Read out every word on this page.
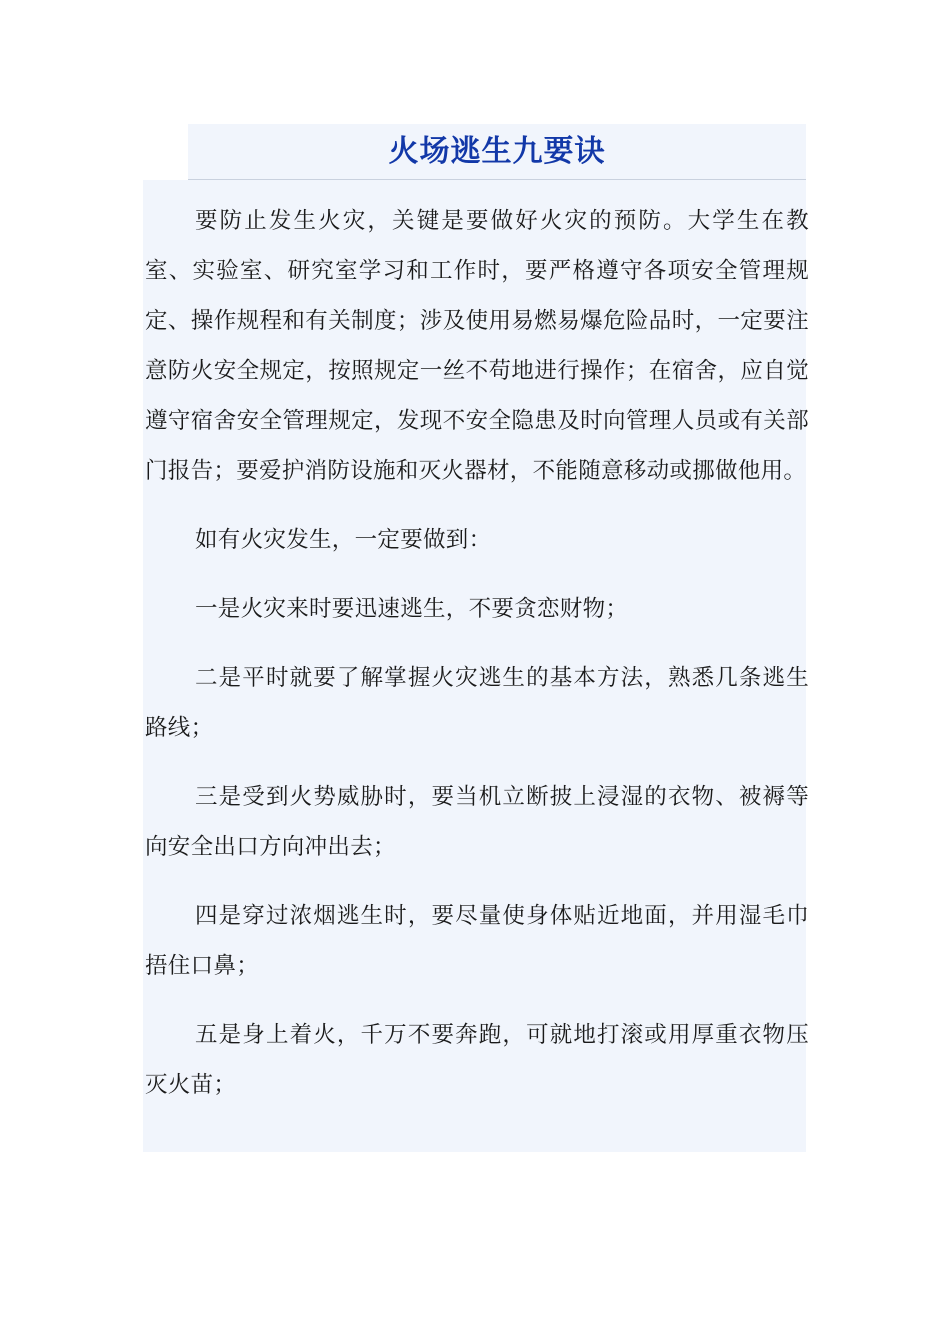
火场逃生九要诀

要防止发生火灾，关键是要做好火灾的预防。大学生在教室、实验室、研究室学习和工作时，要严格遵守各项安全管理规定、操作规程和有关制度；涉及使用易燃易爆危险品时，一定要注意防火安全规定，按照规定一丝不苟地进行操作；在宿舍，应自觉遵守宿舍安全管理规定，发现不安全隐患及时向管理人员或有关部门报告；要爱护消防设施和灭火器材，不能随意移动或挪做他用。

如有火灾发生，一定要做到：

一是火灾来时要迅速逃生，不要贪恋财物；

二是平时就要了解掌握火灾逃生的基本方法，熟悉几条逃生路线；

三是受到火势威胁时，要当机立断披上浸湿的衣物、被褥等向安全出口方向冲出去；

四是穿过浓烟逃生时，要尽量使身体贴近地面，并用湿毛巾捂住口鼻；

五是身上着火，千万不要奔跑，可就地打滚或用厚重衣物压灭火苗；
